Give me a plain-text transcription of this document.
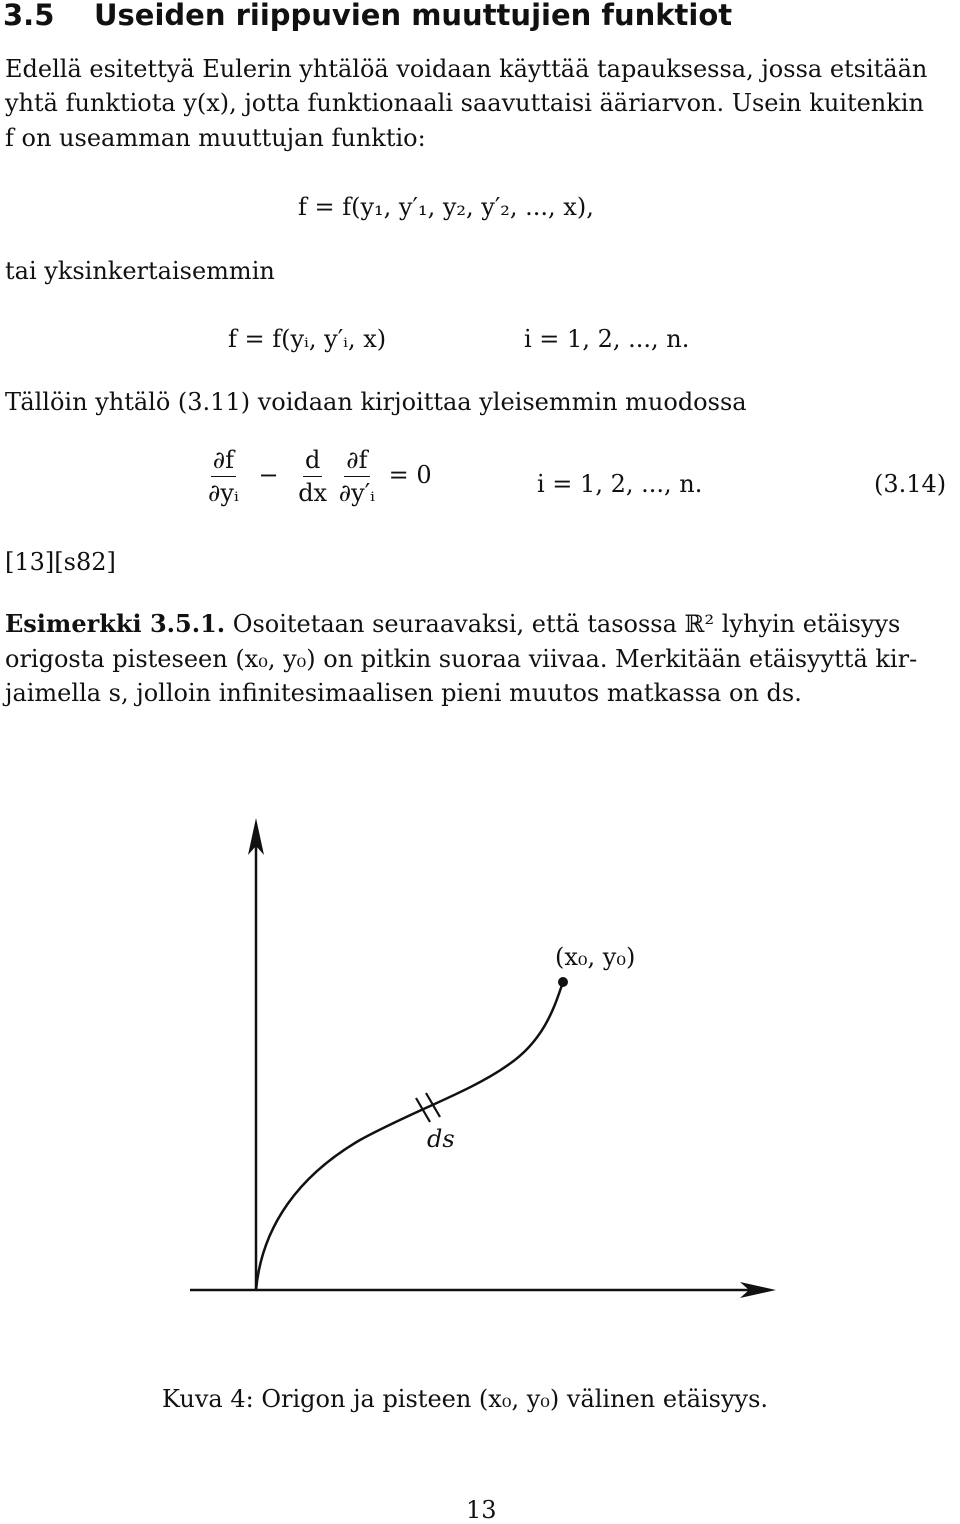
3.5 Useiden riippuvien muuttujien funktiot
Edellä esitettyä Eulerin yhtälöä voidaan käyttää tapauksessa, jossa etsitään
yhtä funktiota y(x), jotta funktionaali saavuttaisi ääriarvon. Usein kuitenkin
f on useamman muuttujan funktio:
f = f(y₁, y′₁, y₂, y′₂, ..., x),
tai yksinkertaisemmin
f = f(yᵢ, y′ᵢ, x)	i = 1, 2, ..., n.
Tällöin yhtälö (3.11) voidaan kirjoittaa yleisemmin muodossa
$\frac{\partial f}{\text{∂yᵢ}} - \frac{d}{dx}$
$\frac{\partial f}{\text{∂y′ᵢ}} = 0$	i = 1, 2, ..., n.	(3.14)
[13][s82]
Esimerkki 3.5.1. Osoitetaan seuraavaksi, että tasossa ℝ² lyhyin etäisyys
origosta pisteseen (x₀, y₀) on pitkin suoraa viivaa. Merkitään etäisyyttä kir-
jaimella s, jolloin infinitesimaalisen pieni muutos matkassa on ds.
(x₀, y₀)
ds
Kuva 4: Origon ja pisteen (x₀, y₀) välinen etäisyys.
13
